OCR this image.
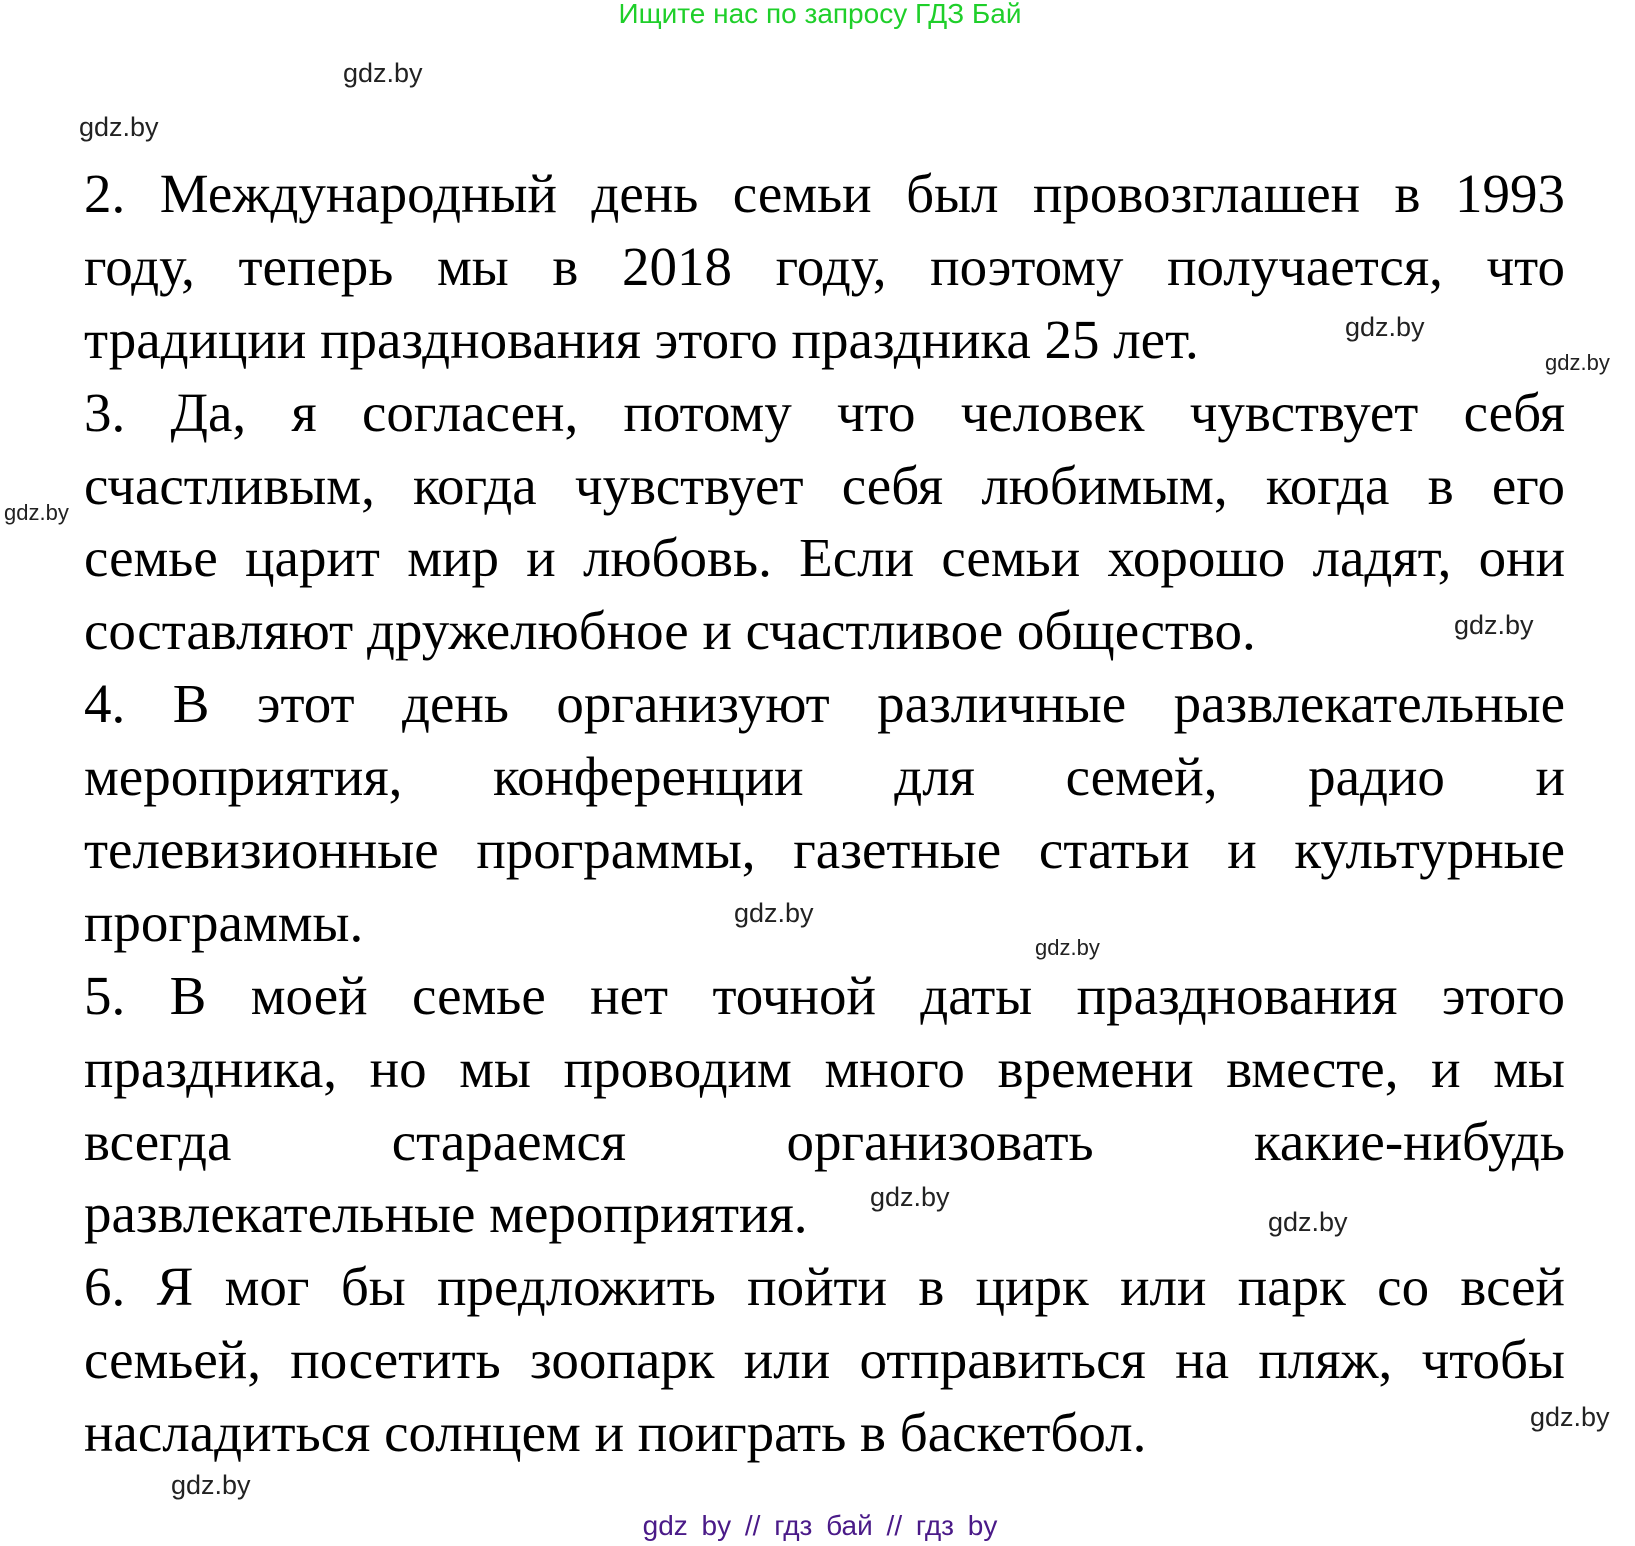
Ищите нас по запросу ГДЗ Бай
2. Международный день семьи был провозглашен в 1993
году, теперь мы в 2018 году, поэтому получается, что
традиции празднования этого праздника 25 лет.
3. Да, я согласен, потому что человек чувствует себя
счастливым, когда чувствует себя любимым, когда в его
семье царит мир и любовь. Если семьи хорошо ладят, они
составляют дружелюбное и счастливое общество.
4. В этот день организуют различные развлекательные
мероприятия, конференции для семей, радио и
телевизионные программы, газетные статьи и культурные
программы.
5. В моей семье нет точной даты празднования этого
праздника, но мы проводим много времени вместе, и мы
всегда стараемся организовать какие-нибудь
развлекательные мероприятия.
6. Я мог бы предложить пойти в цирк или парк со всей
семьей, посетить зоопарк или отправиться на пляж, чтобы
насладиться солнцем и поиграть в баскетбол.
gdz.by
gdz.by
gdz.by
gdz.by
gdz.by
gdz.by
gdz.by
gdz.by
gdz.by
gdz.by
gdz.by
gdz.by
gdz by // гдз бай // гдз by
